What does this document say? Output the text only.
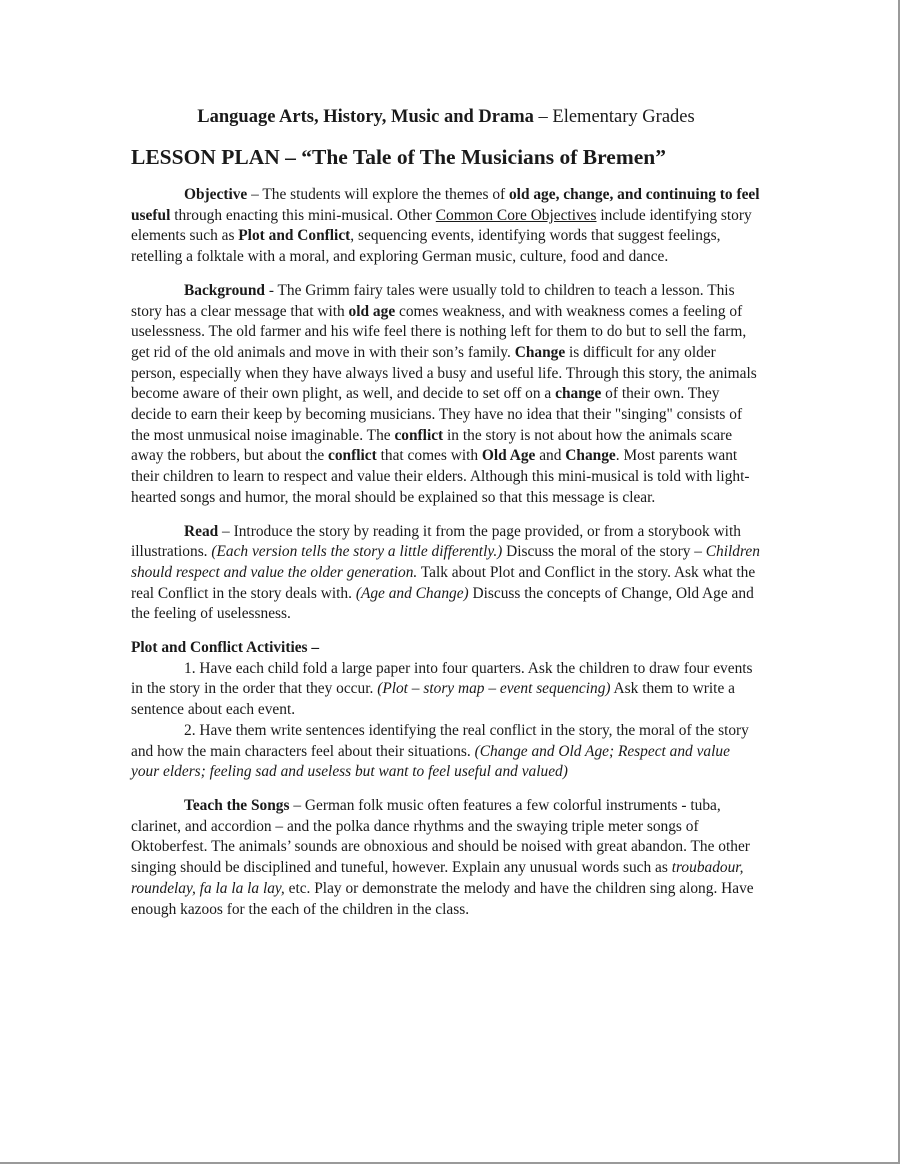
Language Arts, History, Music and Drama – Elementary Grades
LESSON PLAN – “The Tale of The Musicians of Bremen”

Objective – The students will explore the themes of old age, change, and continuing to feel useful through enacting this mini-musical. Other Common Core Objectives include identifying story elements such as Plot and Conflict, sequencing events, identifying words that suggest feelings, retelling a folktale with a moral, and exploring German music, culture, food and dance.

Background - The Grimm fairy tales were usually told to children to teach a lesson. This story has a clear message that with old age comes weakness, and with weakness comes a feeling of uselessness. The old farmer and his wife feel there is nothing left for them to do but to sell the farm, get rid of the old animals and move in with their son’s family. Change is difficult for any older person, especially when they have always lived a busy and useful life. Through this story, the animals become aware of their own plight, as well, and decide to set off on a change of their own. They decide to earn their keep by becoming musicians. They have no idea that their "singing" consists of the most unmusical noise imaginable. The conflict in the story is not about how the animals scare away the robbers, but about the conflict that comes with Old Age and Change. Most parents want their children to learn to respect and value their elders. Although this mini-musical is told with light-hearted songs and humor, the moral should be explained so that this message is clear.

Read – Introduce the story by reading it from the page provided, or from a storybook with illustrations. (Each version tells the story a little differently.) Discuss the moral of the story – Children should respect and value the older generation. Talk about Plot and Conflict in the story. Ask what the real Conflict in the story deals with. (Age and Change) Discuss the concepts of Change, Old Age and the feeling of uselessness.

Plot and Conflict Activities –

1. Have each child fold a large paper into four quarters. Ask the children to draw four events in the story in the order that they occur. (Plot – story map – event sequencing) Ask them to write a sentence about each event.

2. Have them write sentences identifying the real conflict in the story, the moral of the story and how the main characters feel about their situations. (Change and Old Age; Respect and value your elders; feeling sad and useless but want to feel useful and valued)

Teach the Songs – German folk music often features a few colorful instruments - tuba, clarinet, and accordion – and the polka dance rhythms and the swaying triple meter songs of Oktoberfest. The animals’ sounds are obnoxious and should be noised with great abandon. The other singing should be disciplined and tuneful, however. Explain any unusual words such as troubadour, roundelay, fa la la la lay, etc. Play or demonstrate the melody and have the children sing along. Have enough kazoos for the each of the children in the class.
